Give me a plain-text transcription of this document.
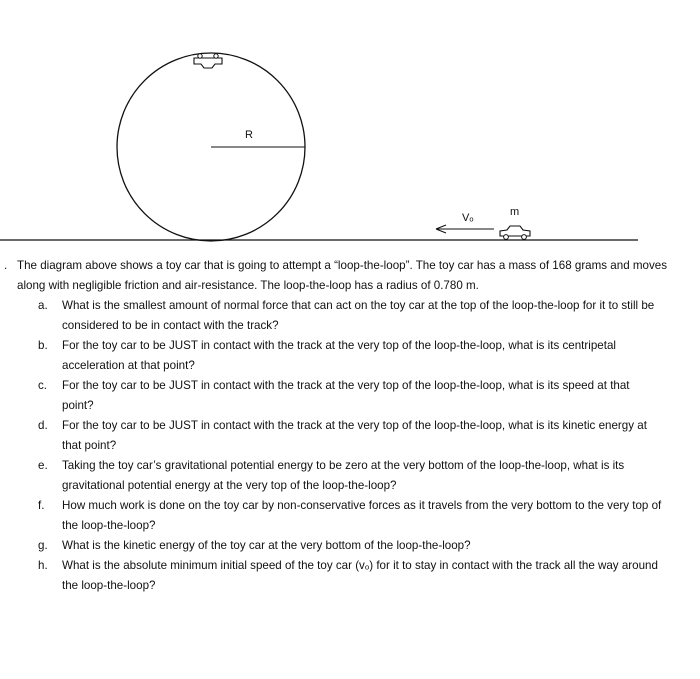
R
Vₒ	m
. The diagram above shows a toy car that is going to attempt a “loop-the-loop”. The toy car has a mass of 168 grams and moves along with negligible friction and air-resistance. The loop-the-loop has a radius of 0.780 m.

a. What is the smallest amount of normal force that can act on the toy car at the top of the loop-the-loop for it to still be considered to be in contact with the track?
b. For the toy car to be JUST in contact with the track at the very top of the loop-the-loop, what is its centripetal acceleration at that point?
c. For the toy car to be JUST in contact with the track at the very top of the loop-the-loop, what is its speed at that point?
d. For the toy car to be JUST in contact with the track at the very top of the loop-the-loop, what is its kinetic energy at that point?
e. Taking the toy car’s gravitational potential energy to be zero at the very bottom of the loop-the-loop, what is its gravitational potential energy at the very top of the loop-the-loop?
f. How much work is done on the toy car by non-conservative forces as it travels from the very bottom to the very top of the loop-the-loop?
g. What is the kinetic energy of the toy car at the very bottom of the loop-the-loop?
h. What is the absolute minimum initial speed of the toy car (vₒ) for it to stay in contact with the track all the way around the loop-the-loop?
